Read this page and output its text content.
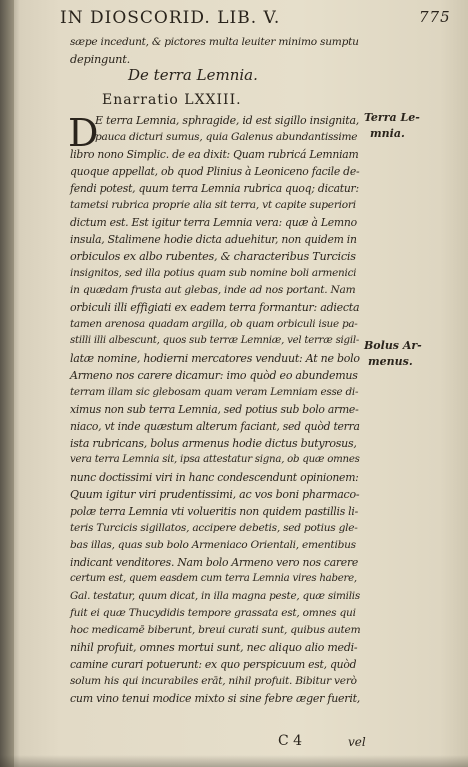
IN DIOSCORID. LIB. V.	775
sæpe incedunt, & pictores multa leuiter minimo sumptu
depingunt.
De terra Lemnia.
Enarratio LXXIII.
D
E terra Lemnia, sphragide, id est sigillo insignita,
pauca dicturi sumus, quia Galenus abundantissime
libro nono Simplic. de ea dixit: Quam rubricá Lemniam
quoque appellat, ob quod Plinius à Leoniceno facile de-
fendi potest, quum terra Lemnia rubrica quoq; dicatur:
tametsi rubrica proprie alia sit terra, vt capite superiori
dictum est. Est igitur terra Lemnia vera: quæ à Lemno
insula, Stalimene hodie dicta aduehitur, non quidem in
orbiculos ex albo rubentes, & characteribus Turcicis
insignitos, sed illa potius quam sub nomine boli armenici
in quædam frusta aut glebas, inde ad nos portant. Nam
orbiculi illi effigiati ex eadem terra formantur: adiecta
tamen arenosa quadam argilla, ob quam orbiculi isue pa-
stilli illi albescunt, quos sub terræ Lemniæ, vel terræ sigil-
latæ nomine, hodierni mercatores venduut: At ne bolo
Armeno nos carere dicamur: imo quòd eo abundemus
terram illam sic glebosam quam veram Lemniam esse di-
ximus non sub terra Lemnia, sed potius sub bolo arme-
niaco, vt inde quæstum alterum faciant, sed quòd terra
ista rubricans, bolus armenus hodie dictus butyrosus,
vera terra Lemnia sit, ipsa attestatur signa, ob quæ omnes
nunc doctissimi viri in hanc condescendunt opinionem:
Quum igitur viri prudentissimi, ac vos boni pharmaco-
polæ terra Lemnia vti volueritis non quidem pastillis li-
teris Turcicis sigillatos, accipere debetis, sed potius gle-
bas illas, quas sub bolo Armeniaco Orientali, ementibus
indicant venditores. Nam bolo Armeno vero nos carere
certum est, quem easdem cum terra Lemnia vires habere,
Gal. testatur, quum dicat, in illa magna peste, quæ similis
fuit ei quæ Thucydidis tempore grassata est, omnes qui
hoc medicamē biberunt, breui curati sunt, quibus autem
nihil profuit, omnes mortui sunt, nec aliquo alio medi-
camine curari potuerunt: ex quo perspicuum est, quòd
solum his qui incurabiles erāt, nihil profuit. Bibitur verò
cum vino tenui modice mixto si sine febre æger fuerit,
Terra Le-
mnia.
Bolus Ar-
menus.
C 4	vel
